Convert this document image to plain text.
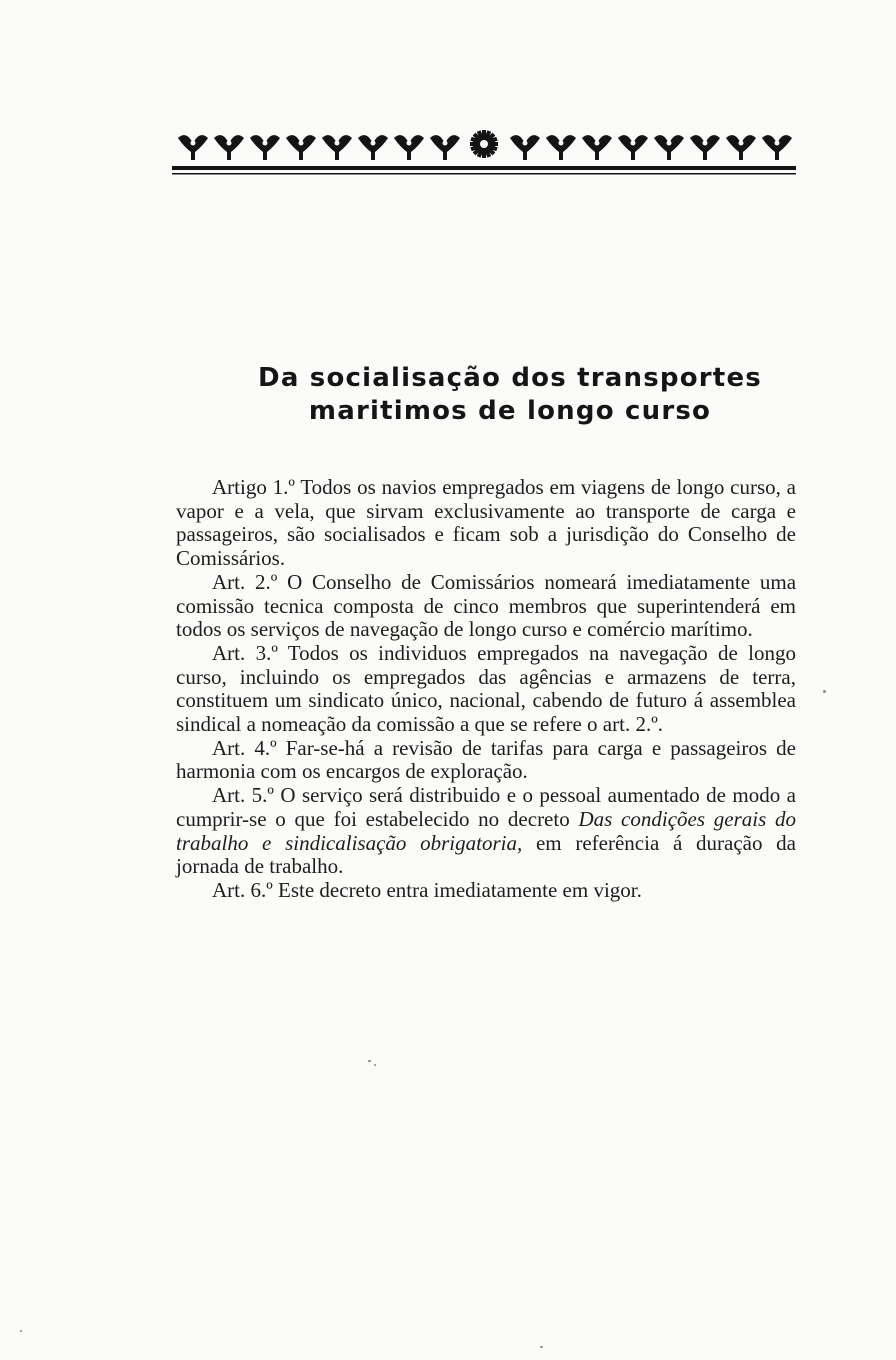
Da socialisação dos transportes
maritimos de longo curso

Artigo 1.º Todos os navios empregados em viagens de longo curso, a vapor e a vela, que sirvam exclusivamente ao transporte de carga e passageiros, são socialisados e ficam sob a jurisdição do Conselho de Comissários.

Art. 2.º O Conselho de Comissários nomeará imediatamente uma comissão tecnica composta de cinco membros que superintenderá em todos os serviços de navegação de longo curso e comércio marítimo.

Art. 3.º Todos os individuos empregados na navegação de longo curso, incluindo os empregados das agências e armazens de terra, constituem um sindicato único, nacional, cabendo de futuro á assemblea sindical a nomeação da comissão a que se refere o art. 2.º.

Art. 4.º Far-se-há a revisão de tarifas para carga e passageiros de harmonia com os encargos de exploração.

Art. 5.º O serviço será distribuido e o pessoal aumentado de modo a cumprir-se o que foi estabelecido no decreto Das condições gerais do trabalho e sindicalisação obrigatoria, em referência á duração da jornada de trabalho.

Art. 6.º Este decreto entra imediatamente em vigor.
